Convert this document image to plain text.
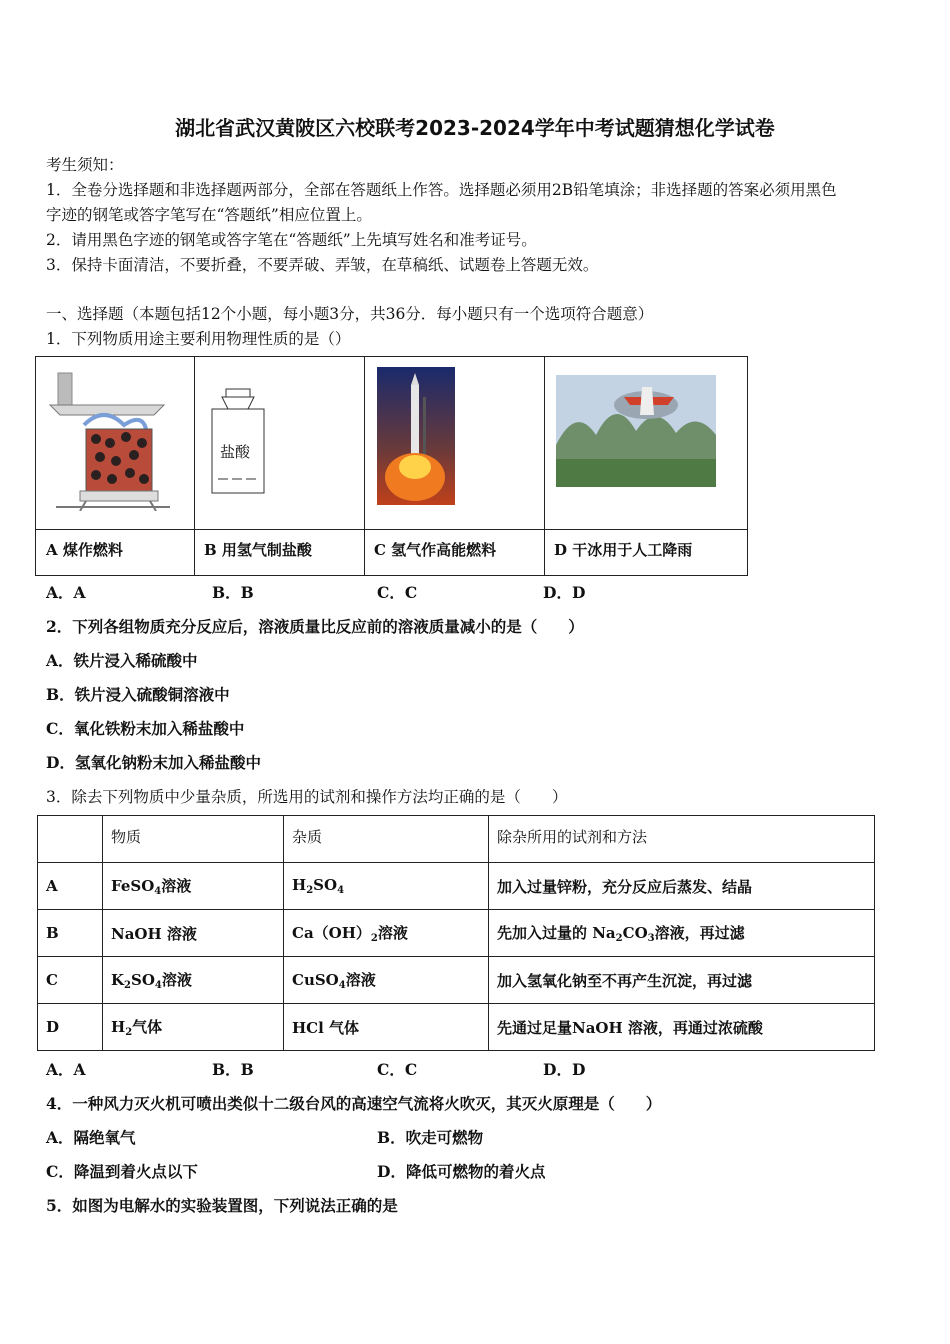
湖北省武汉黄陂区六校联考2023-2024学年中考试题猜想化学试卷
考生须知：
1．全卷分选择题和非选择题两部分，全部在答题纸上作答。选择题必须用2B铅笔填涂；非选择题的答案必须用黑色
字迹的钢笔或答字笔写在“答题纸”相应位置上。
2．请用黑色字迹的钢笔或答字笔在“答题纸”上先填写姓名和准考证号。
3．保持卡面清洁，不要折叠，不要弄破、弄皱，在草稿纸、试题卷上答题无效。
一、选择题（本题包括12个小题，每小题3分，共36分．每小题只有一个选项符合题意）
1．下列物质用途主要利用物理性质的是（）
盐酸
A 煤作燃料	B 用氢气制盐酸	C 氢气作高能燃料	D 干冰用于人工降雨
A．A	B．B	C．C	D．D
2．下列各组物质充分反应后，溶液质量比反应前的溶液质量减小的是（　　）
A．铁片浸入稀硫酸中
B．铁片浸入硫酸铜溶液中
C．氧化铁粉末加入稀盐酸中
D．氢氧化钠粉末加入稀盐酸中
3．除去下列物质中少量杂质，所选用的试剂和操作方法均正确的是（　　）
	物质	杂质	除杂所用的试剂和方法
A	FeSO$_4$溶液	$H_2SO_4$	加入过量锌粉，充分反应后蒸发、结晶
B	NaOH 溶液	$Ca(OH)_2$溶液	先加入过量的 $Na_2CO_3$溶液，再过滤
C	$K_2SO_4$溶液	CuSO$_4$溶液	加入氢氧化钠至不再产生沉淀，再过滤
D	$H_2$气体	HCl 气体	先通过足量NaOH 溶液，再通过浓硫酸
A．A	B．B	C．C	D．D
4．一种风力灭火机可喷出类似十二级台风的高速空气流将火吹灭，其灭火原理是（　　）
A．隔绝氧气	B．吹走可燃物
C．降温到着火点以下	D．降低可燃物的着火点
5．如图为电解水的实验装置图，下列说法正确的是
